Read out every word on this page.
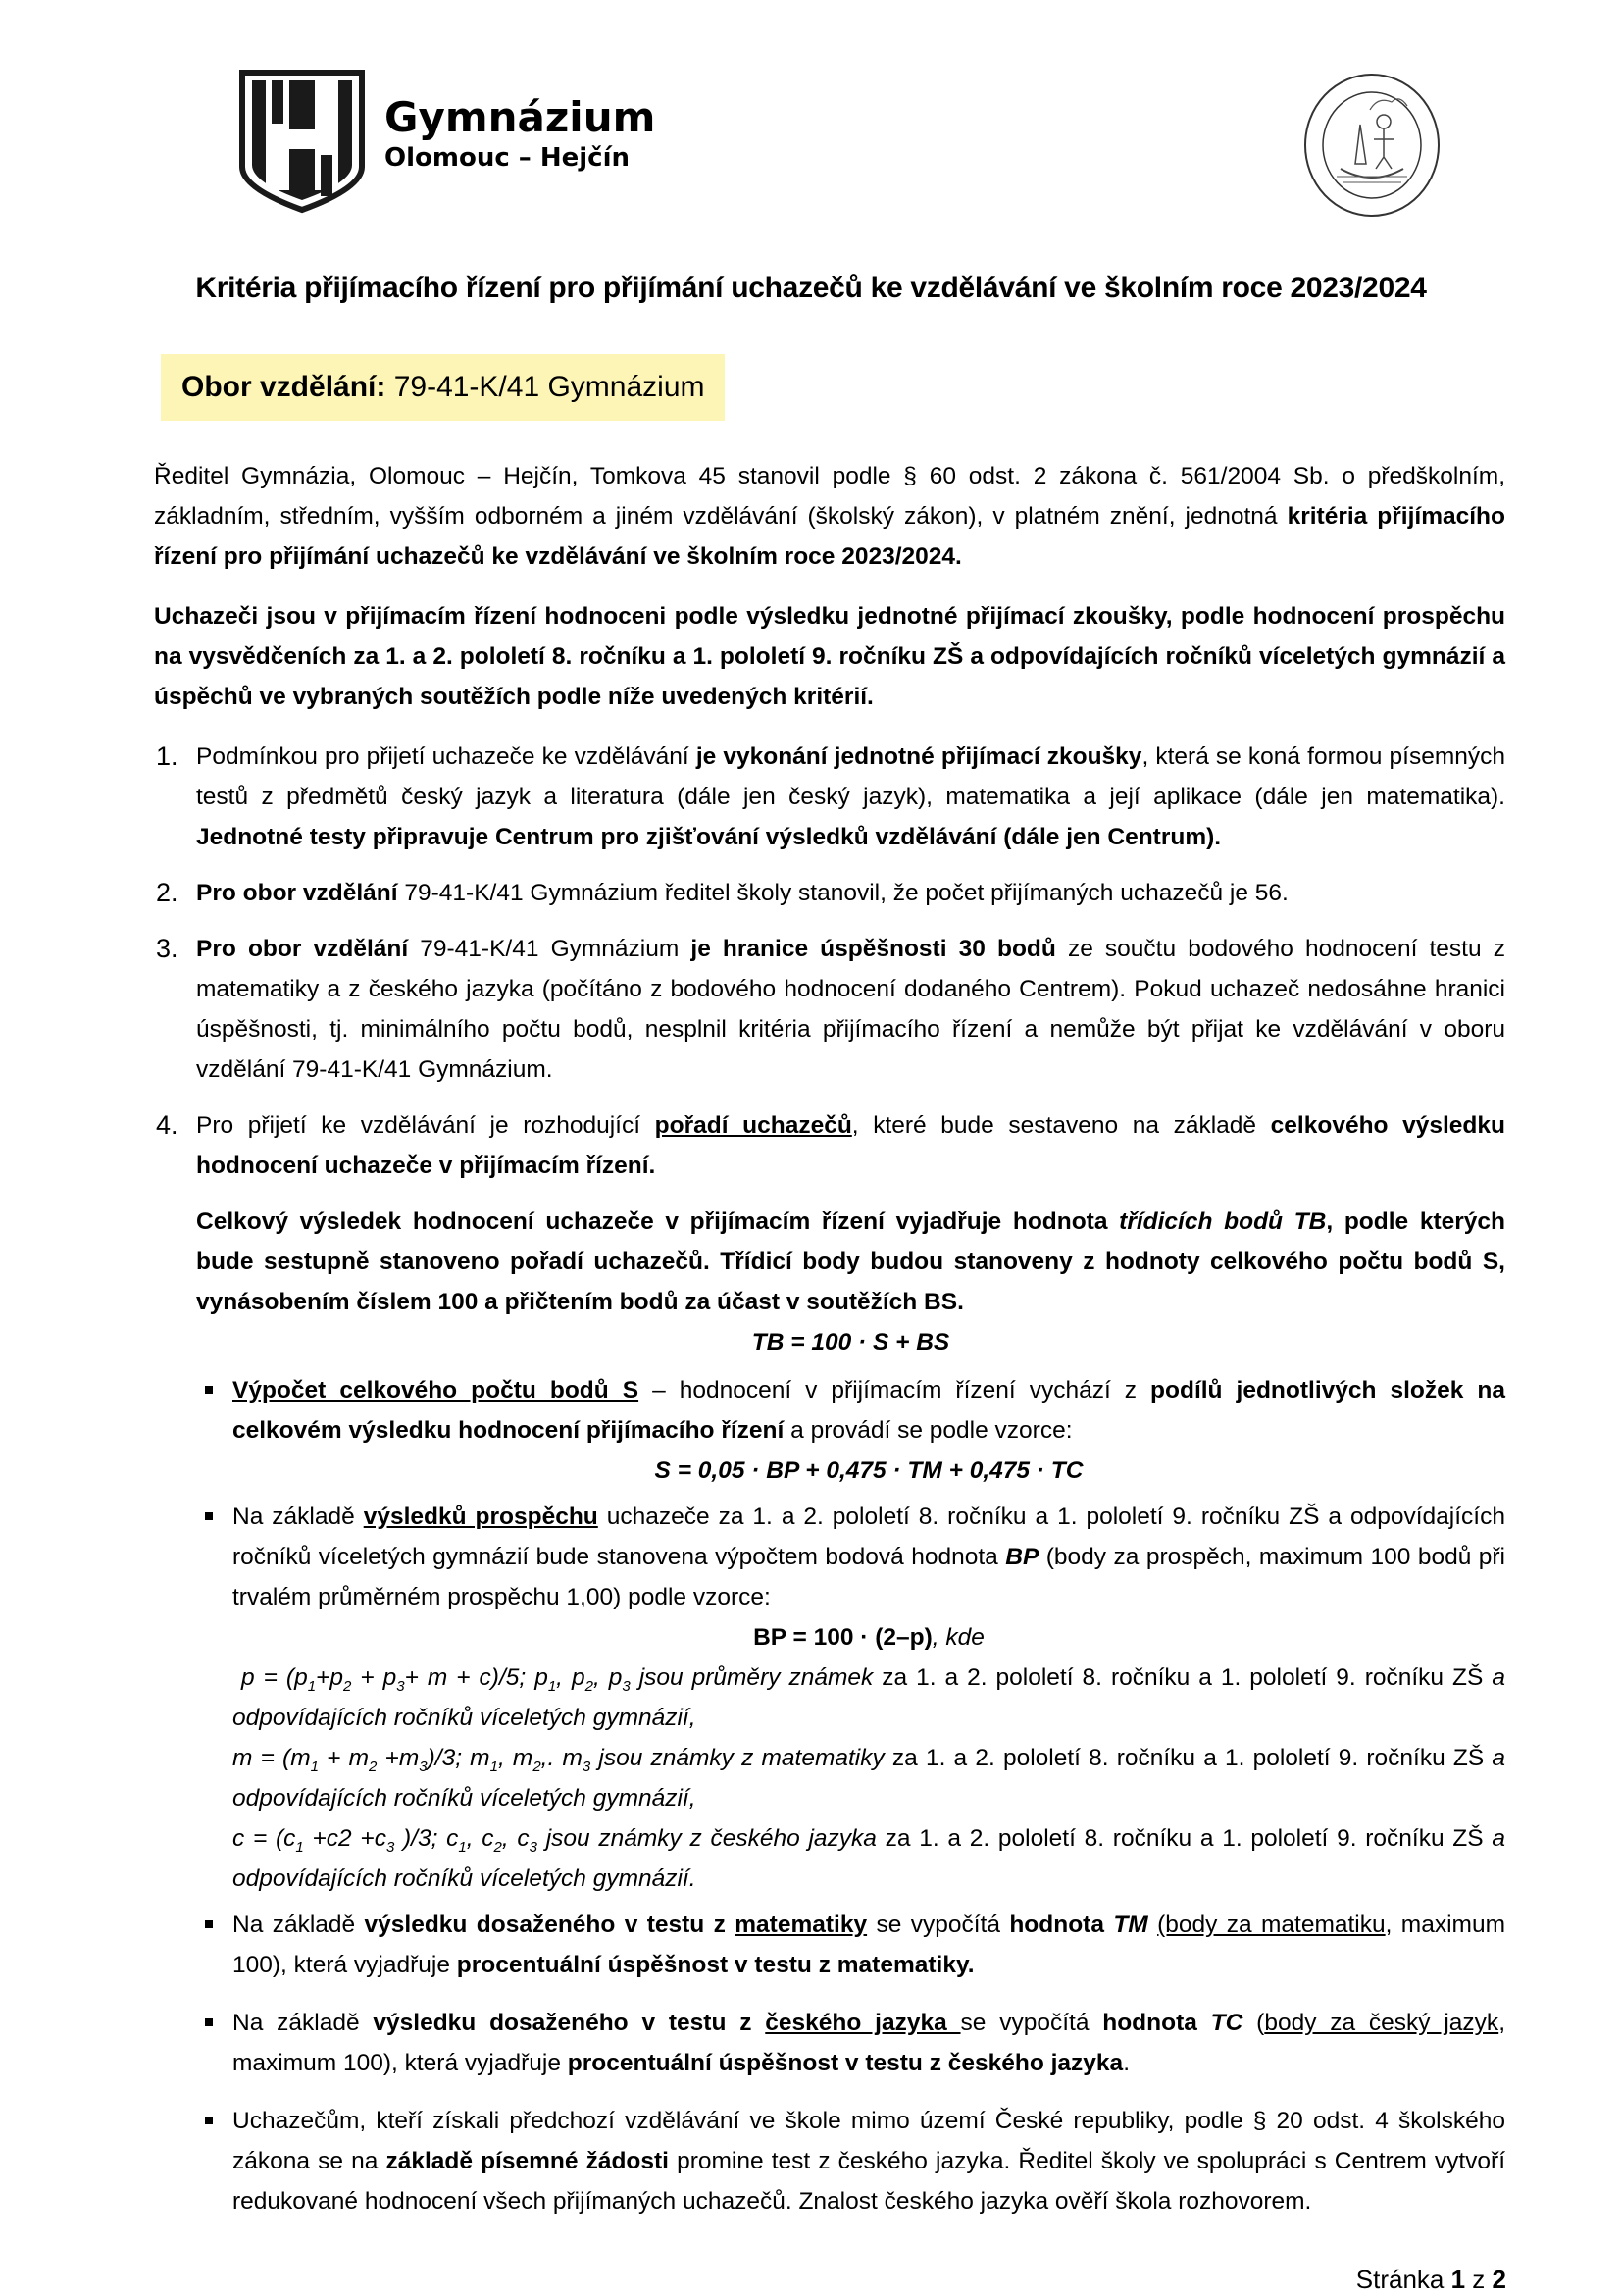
Gymnázium
Olomouc – Hejčín
Kritéria přijímacího řízení pro přijímání uchazečů ke vzdělávání ve školním roce 2023/2024
Obor vzdělání: 79-41-K/41 Gymnázium

Ředitel Gymnázia, Olomouc – Hejčín, Tomkova 45 stanovil podle § 60 odst. 2 zákona č. 561/2004 Sb. o předškolním, základním, středním, vyšším odborném a jiném vzdělávání (školský zákon), v platném znění, jednotná kritéria přijímacího řízení pro přijímání uchazečů ke vzdělávání ve školním roce 2023/2024.

Uchazeči jsou v přijímacím řízení hodnoceni podle výsledku jednotné přijímací zkoušky, podle hodnocení prospěchu na vysvědčeních za 1. a 2. pololetí 8. ročníku a 1. pololetí 9. ročníku ZŠ a odpovídajících ročníků víceletých gymnázií a úspěchů ve vybraných soutěžích podle níže uvedených kritérií.

1. Podmínkou pro přijetí uchazeče ke vzdělávání je vykonání jednotné přijímací zkoušky, která se koná formou písemných testů z předmětů český jazyk a literatura (dále jen český jazyk), matematika a její aplikace (dále jen matematika). Jednotné testy připravuje Centrum pro zjišťování výsledků vzdělávání (dále jen Centrum).

2. Pro obor vzdělání 79-41-K/41 Gymnázium ředitel školy stanovil, že počet přijímaných uchazečů je 56.

3. Pro obor vzdělání 79-41-K/41 Gymnázium je hranice úspěšnosti 30 bodů ze součtu bodového hodnocení testu z matematiky a z českého jazyka (počítáno z bodového hodnocení dodaného Centrem). Pokud uchazeč nedosáhne hranici úspěšnosti, tj. minimálního počtu bodů, nesplnil kritéria přijímacího řízení a nemůže být přijat ke vzdělávání v oboru vzdělání 79-41-K/41 Gymnázium.

4. Pro přijetí ke vzdělávání je rozhodující pořadí uchazečů, které bude sestaveno na základě celkového výsledku hodnocení uchazeče v přijímacím řízení.

Celkový výsledek hodnocení uchazeče v přijímacím řízení vyjadřuje hodnota třídicích bodů TB, podle kterých bude sestupně stanoveno pořadí uchazečů. Třídicí body budou stanoveny z hodnoty celkového počtu bodů S, vynásobením číslem 100 a přičtením bodů za účast v soutěžích BS.

TB = 100 · S + BS

Výpočet celkového počtu bodů S – hodnocení v přijímacím řízení vychází z podílů jednotlivých složek na celkovém výsledku hodnocení přijímacího řízení a provádí se podle vzorce:

S = 0,05 · BP + 0,475 · TM + 0,475 · TC

Na základě výsledků prospěchu uchazeče za 1. a 2. pololetí 8. ročníku a 1. pololetí 9. ročníku ZŠ a odpovídajících ročníků víceletých gymnázií bude stanovena výpočtem bodová hodnota BP (body za prospěch, maximum 100 bodů při trvalém průměrném prospěchu 1,00) podle vzorce:

BP = 100 · (2–p), kde

$p = (p_1+p_2 + p_3+ m + c)/5$; $p_1$, $p_2$, $p_3$ jsou průměry známek za 1. a 2. pololetí 8. ročníku a 1. pololetí 9. ročníku ZŠ a odpovídajících ročníků víceletých gymnázií,

$m = (m_1 + m_2 +m_3)/3$; $m_1$, $m_2$,. $m_3$ jsou známky z matematiky za 1. a 2. pololetí 8. ročníku a 1. pololetí 9. ročníku ZŠ a odpovídajících ročníků víceletých gymnázií,

$c = (c_1 +c2 +c_3$ )/3; $c_1$, $c_2$, $c_3$ jsou známky z českého jazyka za 1. a 2. pololetí 8. ročníku a 1. pololetí 9. ročníku ZŠ a odpovídajících ročníků víceletých gymnázií.

Na základě výsledku dosaženého v testu z matematiky se vypočítá hodnota TM (body za matematiku, maximum 100), která vyjadřuje procentuální úspěšnost v testu z matematiky.

Na základě výsledku dosaženého v testu z českého jazyka se vypočítá hodnota TC (body za český jazyk, maximum 100), která vyjadřuje procentuální úspěšnost v testu z českého jazyka.

Uchazečům, kteří získali předchozí vzdělávání ve škole mimo území České republiky, podle § 20 odst. 4 školského zákona se na základě písemné žádosti promine test z českého jazyka. Ředitel školy ve spolupráci s Centrem vytvoří redukované hodnocení všech přijímaných uchazečů. Znalost českého jazyka ověří škola rozhovorem.

Stránka 1 z 2
